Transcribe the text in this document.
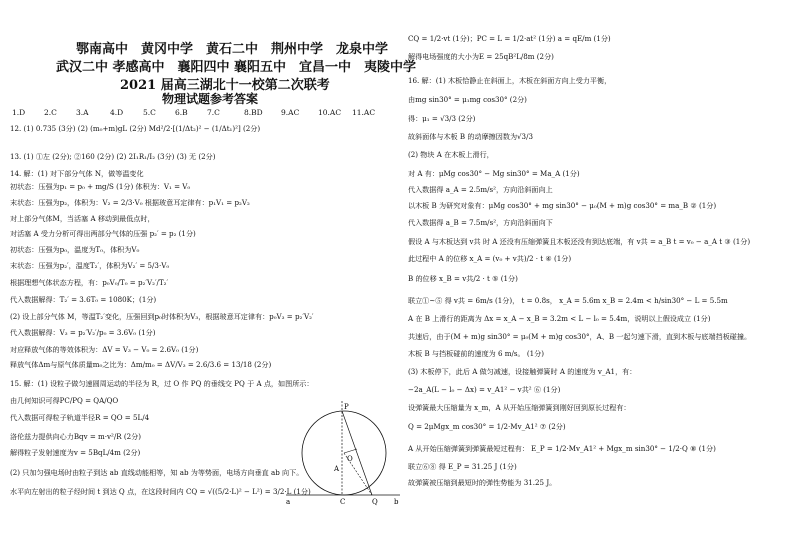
鄂南高中　黄冈中学　黄石二中　荆州中学　龙泉中学
武汉二中 孝感高中　襄阳四中 襄阳五中　宜昌一中　夷陵中学
2021 届高三湖北十一校第二次联考
物理试题参考答案
1.D	2.C	3.A	4.D	5.C	6.B	7.C	8.BD 9.AC 10.AC 11.AC
12. (1) 0.735 (3分) (2) (m₀+m)gL (2分) Md²/2·[(1/Δt₂)² − (1/Δt₁)²] (2分)
13. (1) ①左 (2分); ②160 (2分) (2) 2I₁R₁/I₂ (3分) (3) 无 (2分)
14. 解：(1) 对下部分气体 N，做等温变化
初状态：压强为p₁ = p₀ + mg/S (1分) 体积为：V₁ = V₀
末状态：压强为p₂，体积为：V₂ = 2/3·V₀ 根据玻意耳定律有：p₁V₁ = p₂V₂
对上部分气体M，当活塞 A 移动到最低点时，
对活塞 A 受力分析可得出两部分气体的压强 p₂′ = p₂ (1分)
初状态：压强为p₀，温度为T₀，体积为V₀
末状态：压强为p₂′，温度T₂′，体积为V₂′ = 5/3·V₀
根据理想气体状态方程，有：p₀V₀/T₀ = p₂′V₂′/T₂′
代入数据解得：T₂′ = 3.6T₀ = 1080K；(1分)
(2) 设上部分气体 M，等温T₂′变化，压强回到p₀时体积为V₃，根据玻意耳定律有：p₀V₃ = p₂′V₂′
代入数据解得：V₃ = p₂′V₂′/p₀ = 3.6V₀ (1分)
对应释放气体的等效体积为：ΔV = V₃ − V₀ = 2.6V₀ (1分)
释放气体Δm与原气体质量m₀之比为：Δm/m₀ = ΔV/V₃ = 2.6/3.6 = 13/18 (2分)
15. 解：(1) 设粒子做匀速圆周运动的半径为 R，过 O 作 PQ 的垂线交 PQ 于 A 点，如图所示：
由几何知识可得PC/PQ = QA/QO
代入数据可得粒子轨道半径R = QO = 5L/4
洛伦兹力提供向心力Bqv = m·v²/R (2分)
解得粒子发射速度为v = 5BqL/4m (2分)
(2) 只加匀强电场时由粒子到达 ab 直线动能相等，知 ab 为等势面，电场方向垂直 ab 向下。
水平向左射出的粒子经时间 t 到达 Q 点，在这段时间内 CQ = √((5/2·L)² − L²) = 3/2·L (1分)
CQ = 1/2·vt (1分)；PC = L = 1/2·at² (1分) a = qE/m (1分)
解得电场强度的大小为E = 25qB²L/8m (2分)
16. 解：(1) 木板恰静止在斜面上，木板在斜面方向上受力平衡，
由mg sin30° = μ₁mg cos30° (2分)
得：μ₁ = √3/3 (2分)
故斜面体与木板 B 的动摩擦因数为√3/3
(2) 物块 A 在木板上滑行，
对 A 有：μMg cos30° − Mg sin30° = Ma_A (1分)
代入数据得 a_A = 2.5m/s²，方向沿斜面向上
以木板 B 为研究对象有：μMg cos30° + mg sin30° − μ₀(M + m)g cos30° = ma_B ② (1分)
代入数据得 a_B = 7.5m/s²，方向沿斜面向下
假设 A 与木板达到 v共 时 A 还没有压缩弹簧且木板还没有到达底端，有 v共 = a_B t = v₀ − a_A t ③ (1分)
此过程中 A 的位移 x_A = (v₀ + v共)/2 · t ④ (1分)
B 的位移 x_B = v共/2 · t ⑤ (1分)
联立①~⑤ 得 v共 = 6m/s (1分)， t = 0.8s， x_A = 5.6m x_B = 2.4m < h/sin30° − L = 5.5m
A 在 B 上滑行的距离为 Δx = x_A − x_B = 3.2m < L − l₀ = 5.4m，说明以上假设成立 (1分)
共速后，由于(M + m)g sin30° = μ₀(M + m)g cos30°，A、B 一起匀速下滑，直到木板与底端挡板碰撞。
木板 B 与挡板碰前的速度为 6 m/s。 (1分)
(3) 木板停下，此后 A 做匀减速，设接触弹簧时 A 的速度为 v_A1，有：
−2a_A(L − l₀ − Δx) = v_A1² − v共² ⑥ (1分)
设弹簧最大压缩量为 x_m，A 从开始压缩弹簧到刚好回到原长过程有：
Q = 2μMgx_m cos30° = 1/2·Mv_A1² ⑦ (2分)
A 从开始压缩弹簧到弹簧最短过程有： E_P = 1/2·Mv_A1² + Mgx_m sin30° − 1/2·Q ⑧ (1分)
联立⑥⑧ 得 E_P = 31.25 J (1分)
故弹簧被压缩到最短时的弹性势能为 31.25 J。
P
O
A
C	Q
a	b
